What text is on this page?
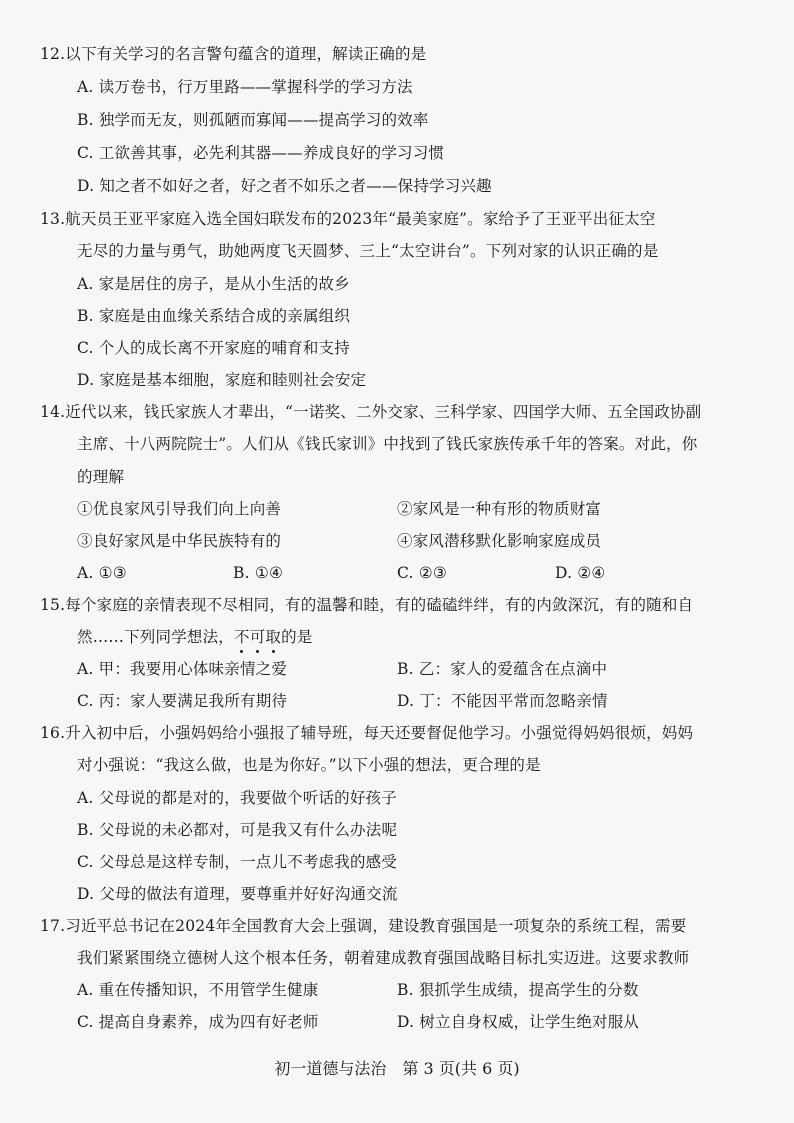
12.以下有关学习的名言警句蕴含的道理，解读正确的是
A. 读万卷书，行万里路——掌握科学的学习方法
B. 独学而无友，则孤陋而寡闻——提高学习的效率
C. 工欲善其事，必先利其器——养成良好的学习习惯
D. 知之者不如好之者，好之者不如乐之者——保持学习兴趣
13.航天员王亚平家庭入选全国妇联发布的2023年“最美家庭”。家给予了王亚平出征太空
无尽的力量与勇气，助她两度飞天圆梦、三上“太空讲台”。下列对家的认识正确的是
A. 家是居住的房子，是从小生活的故乡
B. 家庭是由血缘关系结合成的亲属组织
C. 个人的成长离不开家庭的哺育和支持
D. 家庭是基本细胞，家庭和睦则社会安定
14.近代以来，钱氏家族人才辈出，“一诺奖、二外交家、三科学家、四国学大师、五全国政协副
主席、十八两院院士”。人们从《钱氏家训》中找到了钱氏家族传承千年的答案。对此，你
的理解
①优良家风引导我们向上向善	②家风是一种有形的物质财富
③良好家风是中华民族特有的	④家风潜移默化影响家庭成员
A. ①③	B. ①④	C. ②③	D. ②④
15.每个家庭的亲情表现不尽相同，有的温馨和睦，有的磕磕绊绊，有的内敛深沉，有的随和自
然……下列同学想法，不可取
的是
A. 甲：我要用心体味亲情之爱	B. 乙：家人的爱蕴含在点滴中
C. 丙：家人要满足我所有期待	D. 丁：不能因平常而忽略亲情
16.升入初中后，小强妈妈给小强报了辅导班，每天还要督促他学习。小强觉得妈妈很烦，妈妈
对小强说：“我这么做，也是为你好。”以下小强的想法，更合理的是
A. 父母说的都是对的，我要做个听话的好孩子
B. 父母说的未必都对，可是我又有什么办法呢
C. 父母总是这样专制，一点儿不考虑我的感受
D. 父母的做法有道理，要尊重并好好沟通交流
17.习近平总书记在2024年全国教育大会上强调，建设教育强国是一项复杂的系统工程，需要
我们紧紧围绕立德树人这个根本任务，朝着建成教育强国战略目标扎实迈进。这要求教师
A. 重在传播知识，不用管学生健康	B. 狠抓学生成绩，提高学生的分数
C. 提高自身素养，成为四有好老师	D. 树立自身权威，让学生绝对服从
初一道德与法治　第 3 页(共 6 页)
